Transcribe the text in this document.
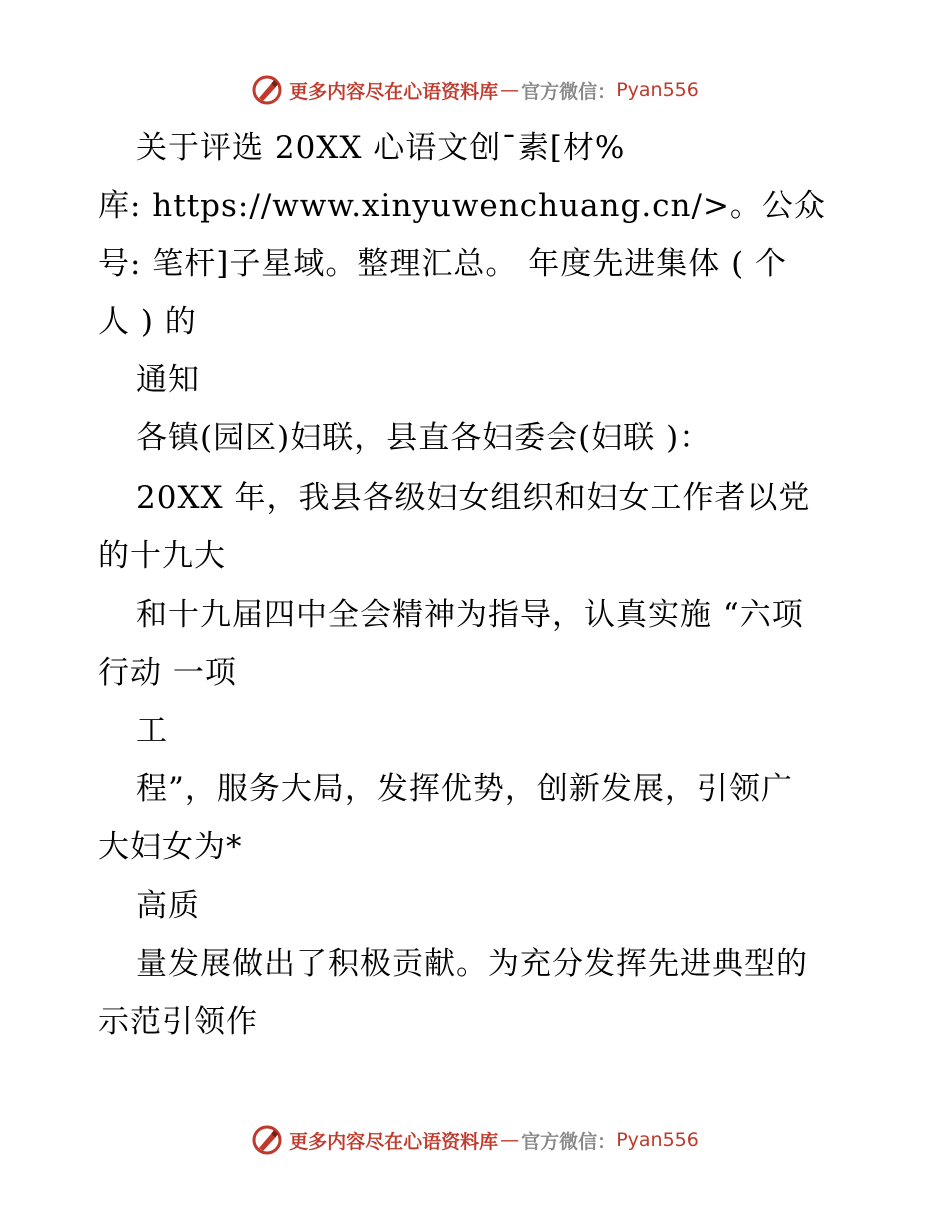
更多内容尽在心语资料库 — 官方微信： Pyan556
关于评选 20XX 心语文创¯素[材%
库: https://www.xinyuwenchuang.cn/>。公众
号: 笔杆]子星域。整理汇总。 年度先进集体 ( 个
人 ) 的
通知
各镇(园区)妇联，县直各妇委会(妇联 )：
20XX 年，我县各级妇女组织和妇女工作者以党
的十九大
和十九届四中全会精神为指导，认真实施 “六项
行动 一项
工
程”，服务大局，发挥优势，创新发展，引领广
大妇女为*
高质
量发展做出了积极贡献。为充分发挥先进典型的
示范引领作
更多内容尽在心语资料库 — 官方微信： Pyan556
